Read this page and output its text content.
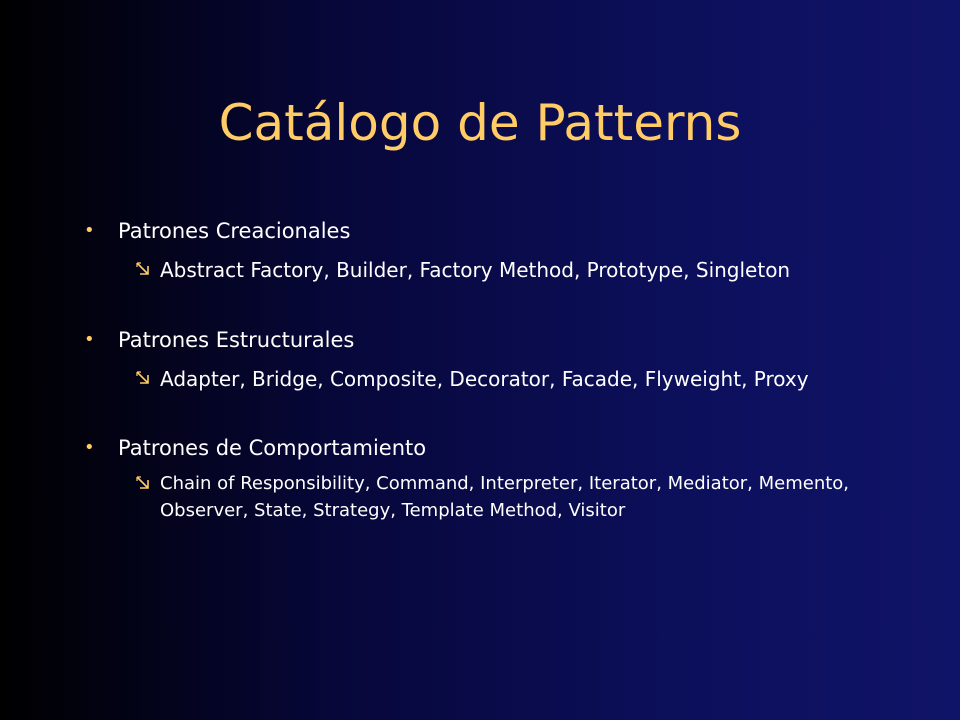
Catálogo de Patterns
• Patrones Creacionales
Abstract Factory, Builder, Factory Method, Prototype, Singleton
• Patrones Estructurales
Adapter, Bridge, Composite, Decorator, Facade, Flyweight, Proxy
• Patrones de Comportamiento
Chain of Responsibility, Command, Interpreter, Iterator, Mediator, Memento, Observer, State, Strategy, Template Method, Visitor
